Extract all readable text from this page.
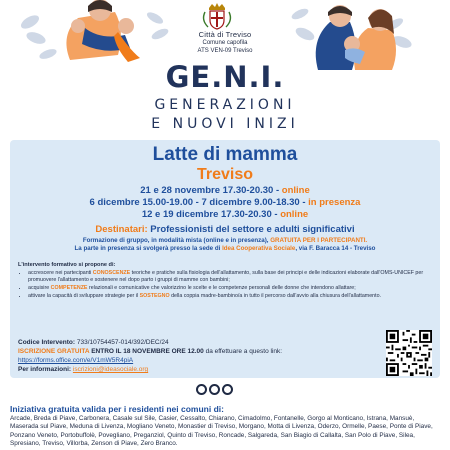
Città di Treviso
Comune capofila
ATS VEN-09 Treviso
GE.N.I.
GENERAZIONI
E NUOVI INIZI
Latte di mamma
Treviso
21 e 28 novembre 17.30-20.30 - online
6 dicembre 15.00-19.00 - 7 dicembre 9.00-18.30 - in presenza
12 e 19 dicembre 17.30-20.30 - online
Destinatari: Professionisti del settore e adulti significativi
Formazione di gruppo, in modalità mista (online e in presenza), GRATUITA PER I PARTECIPANTI.
La parte in presenza si svolgerà presso la sede di Idea Cooperativa Sociale, via F. Baracca 14 - Treviso
L'intervento formativo si propone di:
• accrescere nei partecipanti CONOSCENZE teoriche e pratiche sulla fisiologia dell'allattamento, sulla base dei principi e delle indicazioni elaborate dall'OMS-UNICEF per promuovere l'allattamento e sostenere nel dopo parto i gruppi di mamme con bambini;
• acquisire COMPETENZE relazionali e comunicative che valorizzino le scelte e le competenze personali delle donne che intendono allattare;
• attivare la capacità di sviluppare strategie per il SOSTEGNO della coppia madre-bambino/a in tutto il percorso dall'avvio alla chiusura dell'allattamento.
Codice Intervento: 733/10754457-014/392/DEC/24
ISCRIZIONE GRATUITA ENTRO IL 18 NOVEMBRE ORE 12.00 da effettuare a questo link:
https://forms.office.com/e/V1mW5R4piA
Per informazioni: iscrizioni@ideasociale.org
Iniziativa gratuita valida per i residenti nei comuni di:
Arcade, Breda di Piave, Carbonera, Casale sul Sile, Casier, Cessalto, Chiarano, Cimadolmo, Fontanelle, Gorgo al Monticano, Istrana, Mansuè, Maserada sul Piave, Meduna di Livenza, Mogliano Veneto, Monastier di Treviso, Morgano, Motta di Livenza, Oderzo, Ormelle, Paese, Ponte di Piave, Ponzano Veneto, Portobuffolè, Povegliano, Preganziol, Quinto di Treviso, Roncade, Salgareda, San Biagio di Callalta, San Polo di Piave, Silea, Spresiano, Treviso, Villorba, Zenson di Piave, Zero Branco.
